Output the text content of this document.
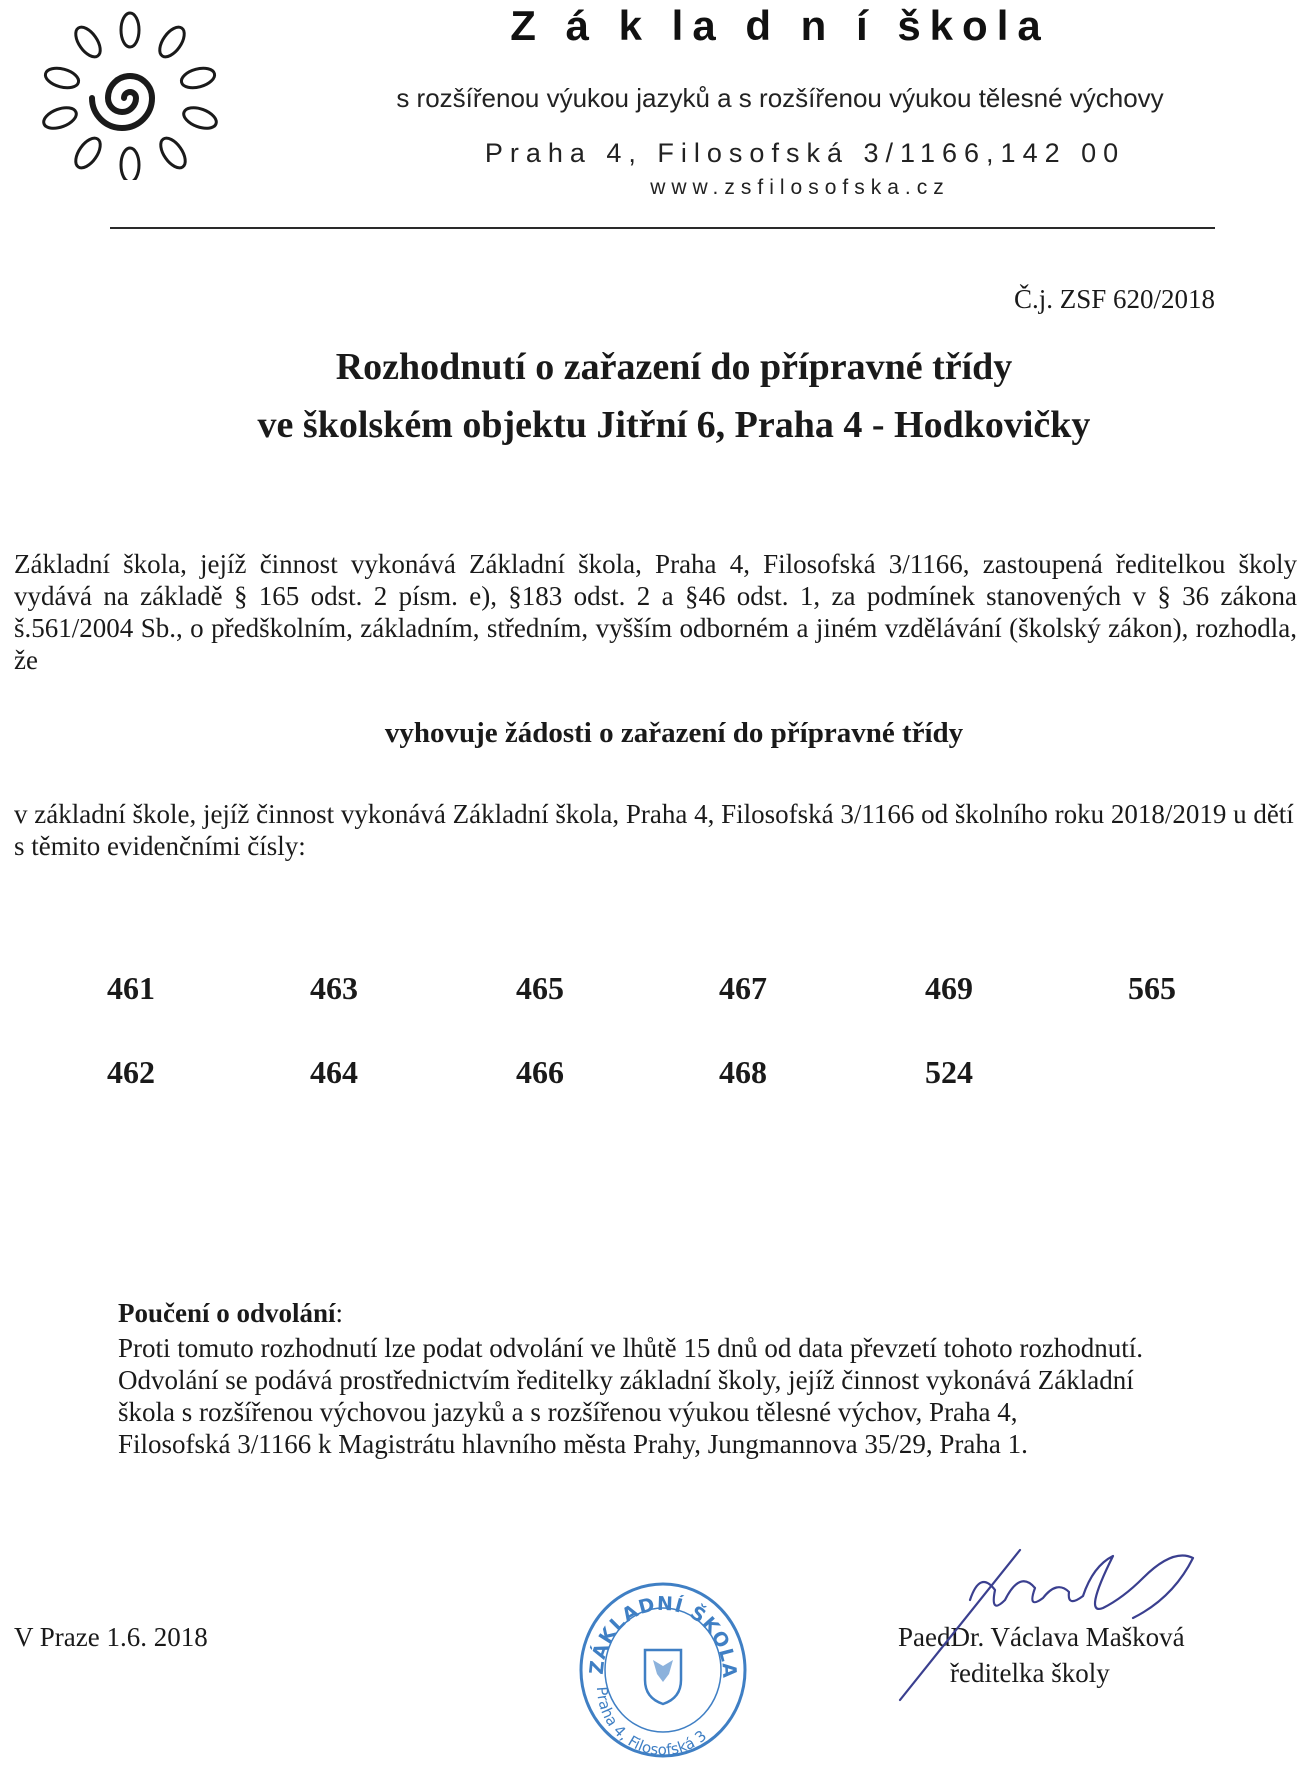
Z á k la d n í škola
s rozšířenou výukou jazyků a s rozšířenou výukou tělesné výchovy
Praha 4, Filosofská 3/1166,142 00
www.zsfilosofska.cz
Č.j. ZSF 620/2018
Rozhodnutí o zařazení do přípravné třídy
ve školském objektu Jitřní 6, Praha 4 - Hodkovičky
Základní škola, jejíž činnost vykonává Základní škola, Praha 4, Filosofská 3/1166, zastoupená ředitelkou školy vydává na základě § 165 odst. 2 písm. e), §183 odst. 2 a §46 odst. 1, za podmínek stanovených v § 36 zákona š.561/2004 Sb., o předškolním, základním, středním, vyšším odborném a jiném vzdělávání (školský zákon), rozhodla, že
vyhovuje žádosti o zařazení do přípravné třídy
v základní škole, jejíž činnost vykonává Základní škola, Praha 4, Filosofská 3/1166 od školního roku 2018/2019 u dětí s těmito evidenčními čísly:
461	463	465	467	469	565
462	464	466	468	524
Poučení o odvolání:
Proti tomuto rozhodnutí lze podat odvolání ve lhůtě 15 dnů od data převzetí tohoto rozhodnutí.
Odvolání se podává prostřednictvím ředitelky základní školy, jejíž činnost vykonává Základní
škola s rozšířenou výchovou jazyků a s rozšířenou výukou tělesné výchov, Praha 4,
Filosofská 3/1166 k Magistrátu hlavního města Prahy, Jungmannova 35/29, Praha 1.
V Praze 1.6. 2018
ZÁKLADNÍ ŠKOLA
Praha 4, Filosofská 3
PaedDr. Václava Mašková
ředitelka školy
